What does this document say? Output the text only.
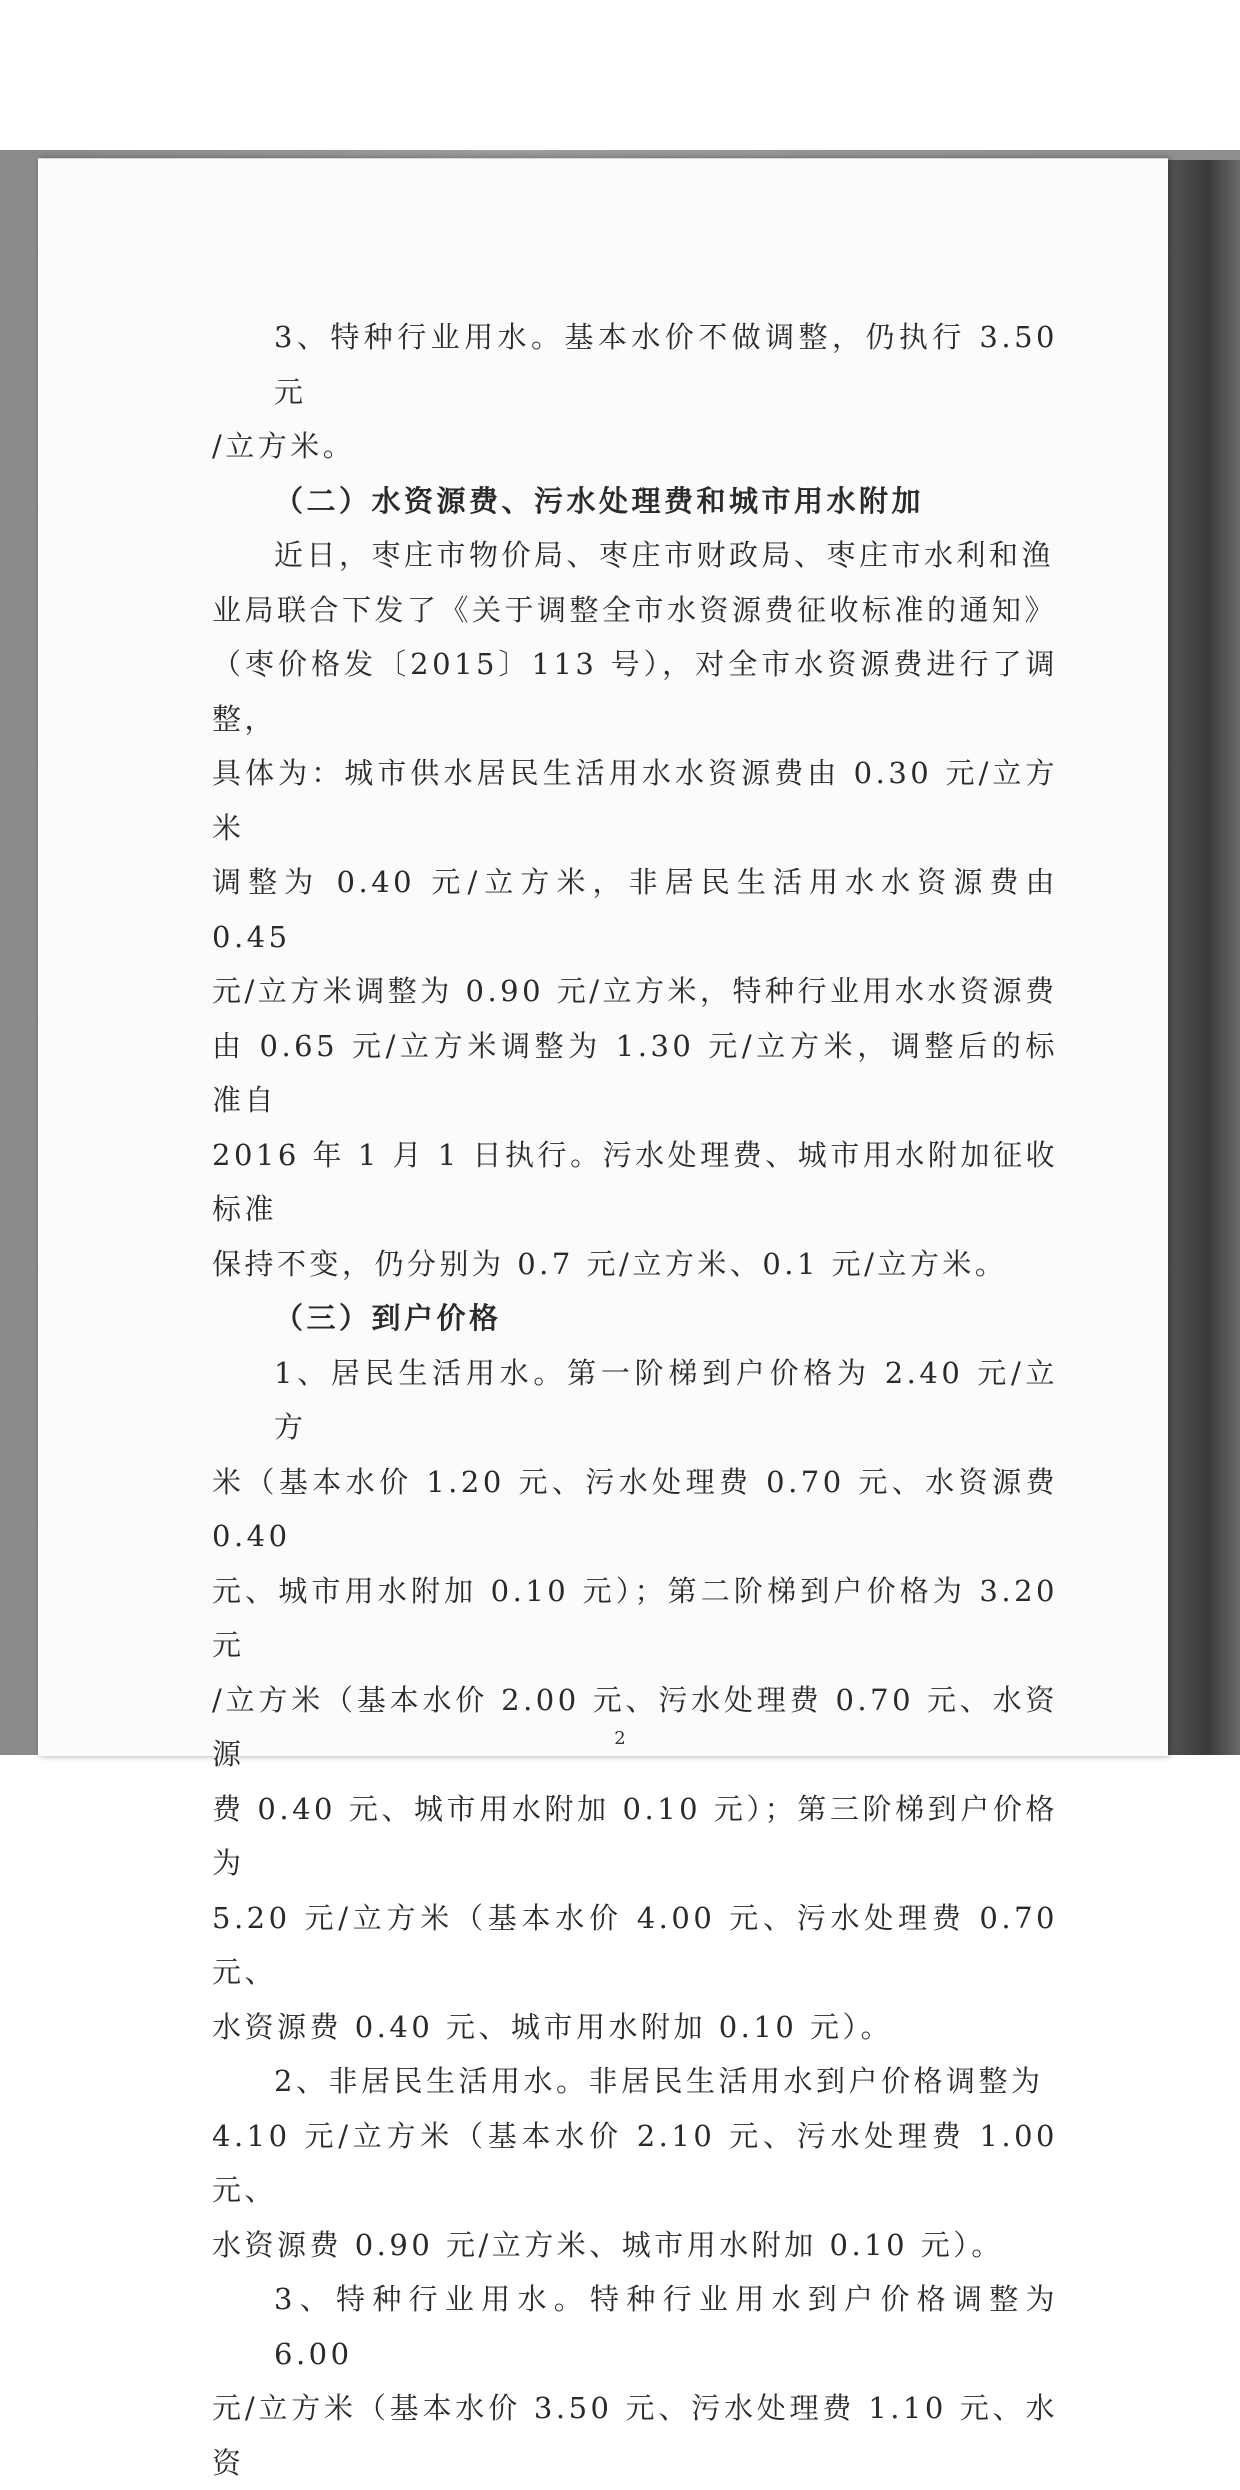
3、特种行业用水。基本水价不做调整，仍执行 3.50 元

/立方米。

（二）水资源费、污水处理费和城市用水附加

近日，枣庄市物价局、枣庄市财政局、枣庄市水利和渔

业局联合下发了《关于调整全市水资源费征收标准的通知》

（枣价格发〔2015〕113 号），对全市水资源费进行了调整，

具体为：城市供水居民生活用水水资源费由 0.30 元/立方米

调整为 0.40 元/立方米，非居民生活用水水资源费由 0.45

元/立方米调整为 0.90 元/立方米，特种行业用水水资源费

由 0.65 元/立方米调整为 1.30 元/立方米，调整后的标准自

2016 年 1 月 1 日执行。污水处理费、城市用水附加征收标准

保持不变，仍分别为 0.7 元/立方米、0.1 元/立方米。

（三）到户价格

1、居民生活用水。第一阶梯到户价格为 2.40 元/立方

米（基本水价 1.20 元、污水处理费 0.70 元、水资源费 0.40

元、城市用水附加 0.10 元）；第二阶梯到户价格为 3.20 元

/立方米（基本水价 2.00 元、污水处理费 0.70 元、水资源

费 0.40 元、城市用水附加 0.10 元）；第三阶梯到户价格为

5.20 元/立方米（基本水价 4.00 元、污水处理费 0.70 元、

水资源费 0.40 元、城市用水附加 0.10 元）。

2、非居民生活用水。非居民生活用水到户价格调整为

4.10 元/立方米（基本水价 2.10 元、污水处理费 1.00 元、

水资源费 0.90 元/立方米、城市用水附加 0.10 元）。

3、特种行业用水。特种行业用水到户价格调整为 6.00

元/立方米（基本水价 3.50 元、污水处理费 1.10 元、水资

2
